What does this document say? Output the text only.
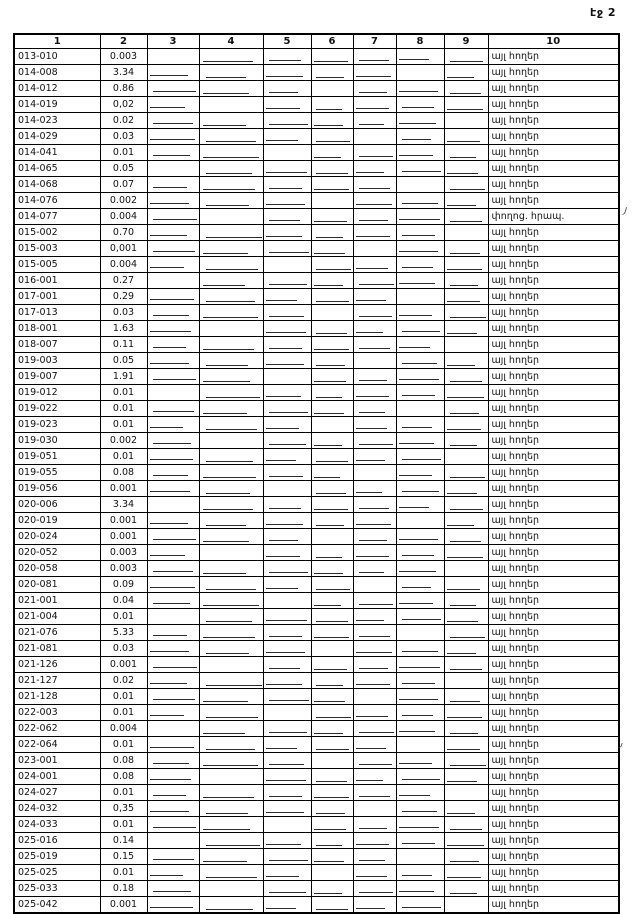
էջ 2
1	2	3	4	5	6	7	8	9	10
013-010	0.003								այլ հողեր
014-008	3.34								այլ հողեր
014-012	0.86								այլ հողեր
014-019	0,02								այլ հողեր
014-023	0.02								այլ հողեր
014-029	0.03								այլ հողեր
014-041	0.01								այլ հողեր
014-065	0.05								այլ հողեր
014-068	0.07								այլ հողեր
014-076	0.002								այլ հողեր
014-077	0.004								փողոց. հրապ.
015-002	0.70								այլ հողեր
015-003	0,001								այլ հողեր
015-005	0.004								այլ հողեր
016-001	0.27								այլ հողեր
017-001	0.29								այլ հողեր
017-013	0.03								այլ հողեր
018-001	1.63								այլ հողեր
018-007	0.11								այլ հողեր
019-003	0.05								այլ հողեր
019-007	1.91								այլ հողեր
019-012	0.01								այլ հողեր
019-022	0.01								այլ հողեր
019-023	0.01								այլ հողեր
019-030	0.002								այլ հողեր
019-051	0.01								այլ հողեր
019-055	0.08								այլ հողեր
019-056	0.001								այլ հողեր
020-006	3.34								այլ հողեր
020-019	0.001								այլ հողեր
020-024	0.001								այլ հողեր
020-052	0.003								այլ հողեր
020-058	0.003								այլ հողեր
020-081	0.09								այլ հողեր
021-001	0.04								այլ հողեր
021-004	0.01								այլ հողեր
021-076	5.33								այլ հողեր
021-081	0.03								այլ հողեր
021-126	0.001								այլ հողեր
021-127	0.02								այլ հողեր
021-128	0.01								այլ հողեր
022-003	0.01								այլ հողեր
022-062	0.004								այլ հողեր
022-064	0.01								այլ հողեր
023-001	0.08								այլ հողեր
024-001	0.08								այլ հողեր
024-027	0.01								այլ հողեր
024-032	0,35								այլ հողեր
024-033	0.01								այլ հողեր
025-016	0.14								այլ հողեր
025-019	0.15								այլ հողեր
025-025	0.01								այլ հողեր
025-033	0.18								այլ հողեր
025-042	0.001								այլ հողեր
